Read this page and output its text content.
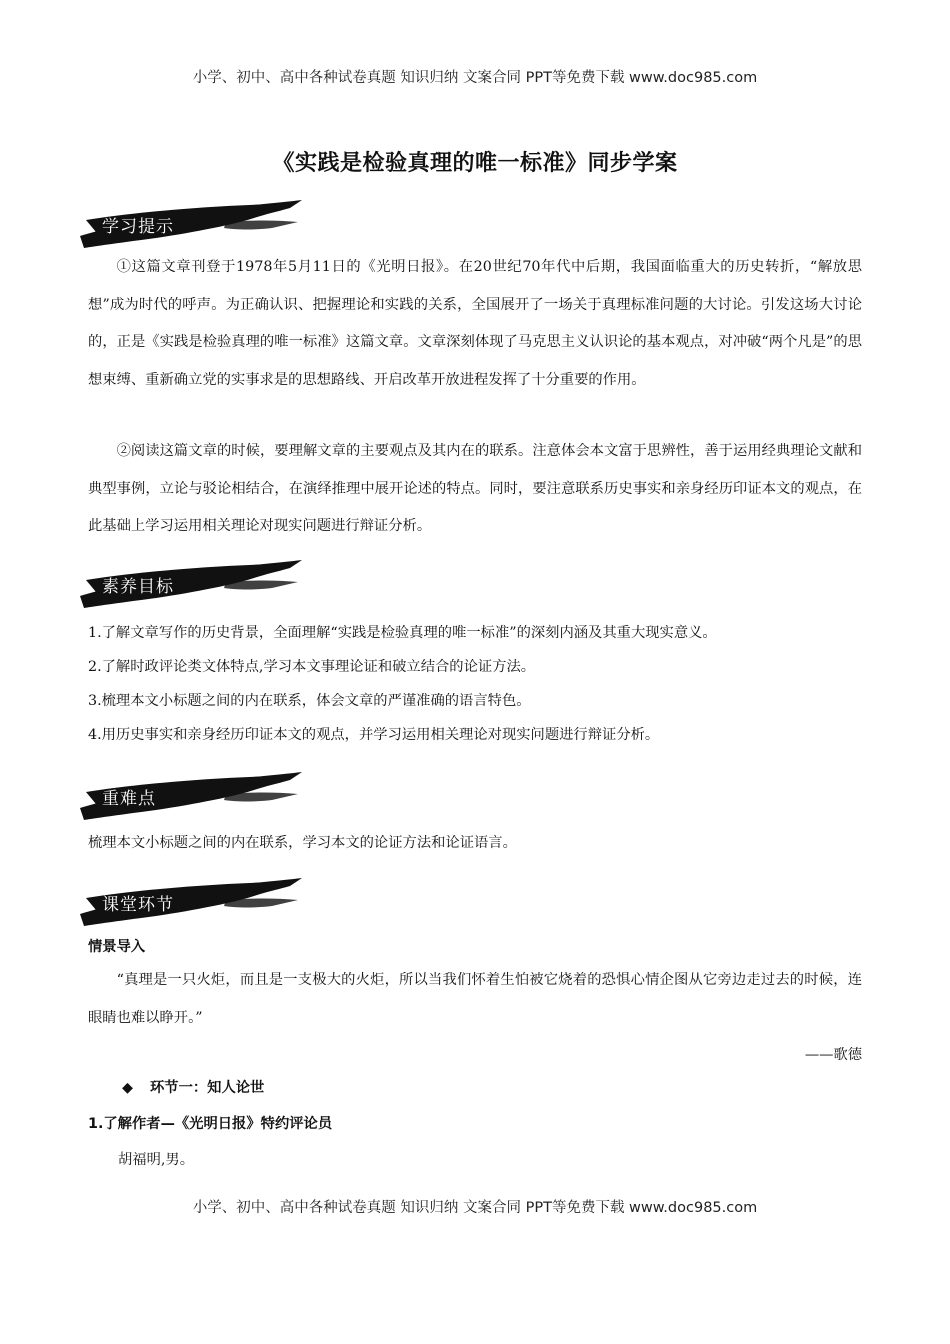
小学、初中、高中各种试卷真题 知识归纳 文案合同 PPT等免费下载 www.doc985.com
《实践是检验真理的唯一标准》同步学案
学习提示

①这篇文章刊登于1978年5月11日的《光明日报》。在20世纪70年代中后期，我国面临重大的历史转折，“解放思想”成为时代的呼声。为正确认识、把握理论和实践的关系，全国展开了一场关于真理标准问题的大讨论。引发这场大讨论的，正是《实践是检验真理的唯一标准》这篇文章。文章深刻体现了马克思主义认识论的基本观点，对冲破“两个凡是”的思想束缚、重新确立党的实事求是的思想路线、开启改革开放进程发挥了十分重要的作用。

②阅读这篇文章的时候，要理解文章的主要观点及其内在的联系。注意体会本文富于思辨性，善于运用经典理论文献和典型事例，立论与驳论相结合，在演绎推理中展开论述的特点。同时，要注意联系历史事实和亲身经历印证本文的观点，在此基础上学习运用相关理论对现实问题进行辩证分析。

素养目标
1.了解文章写作的历史背景，全面理解“实践是检验真理的唯一标准”的深刻内涵及其重大现实意义。
2.了解时政评论类文体特点,学习本文事理论证和破立结合的论证方法。
3.梳理本文小标题之间的内在联系，体会文章的严谨准确的语言特色。
4.用历史事实和亲身经历印证本文的观点，并学习运用相关理论对现实问题进行辩证分析。
重难点
梳理本文小标题之间的内在联系，学习本文的论证方法和论证语言。
课堂环节
情景导入

“真理是一只火炬，而且是一支极大的火炬，所以当我们怀着生怕被它烧着的恐惧心情企图从它旁边走过去的时候，连眼睛也难以睁开。”

——歌德
◆ 环节一：知人论世
1.了解作者—《光明日报》特约评论员
胡福明,男。
小学、初中、高中各种试卷真题 知识归纳 文案合同 PPT等免费下载 www.doc985.com
